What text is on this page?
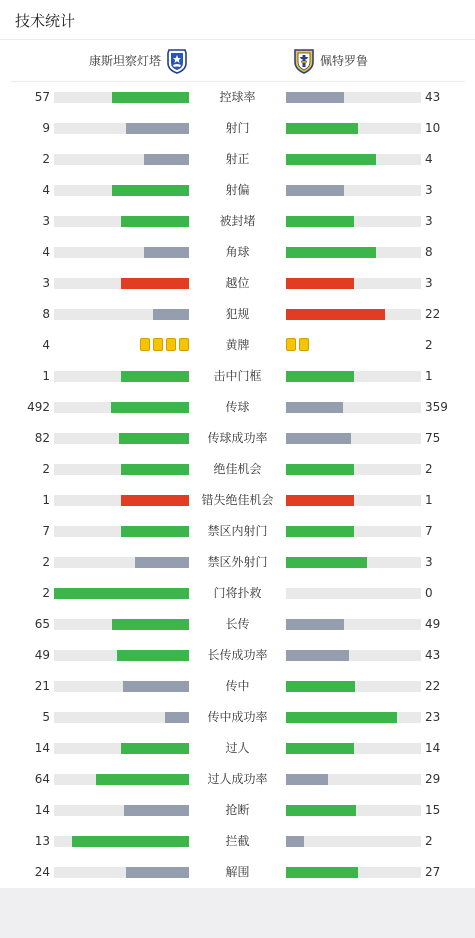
技术统计
康斯坦察灯塔	佩特罗鲁
57	控球率	43
9	射门	10
2	射正	4
4	射偏	3
3	被封堵	3
4	角球	8
3	越位	3
8	犯规	22
4	黄牌	2
1	击中门框	1
492	传球	359
82	传球成功率	75
2	绝佳机会	2
1	错失绝佳机会	1
7	禁区内射门	7
2	禁区外射门	3
2	门将扑救	0
65	长传	49
49	长传成功率	43
21	传中	22
5	传中成功率	23
14	过人	14
64	过人成功率	29
14	抢断	15
13	拦截	2
24	解围	27
